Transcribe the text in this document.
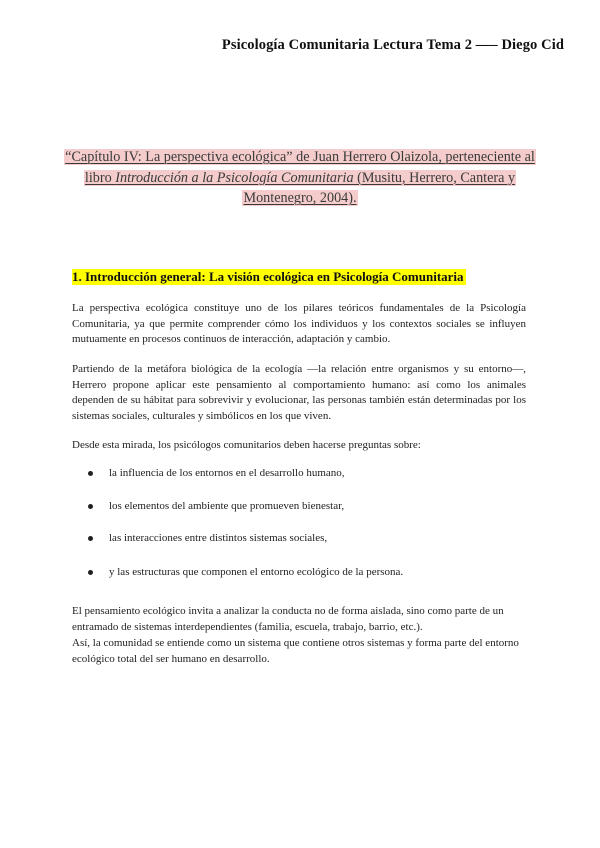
Psicología Comunitaria Lectura Tema 2 —– Diego Cid
“Capítulo IV: La perspectiva ecológica” de Juan Herrero Olaizola, perteneciente al libro Introducción a la Psicología Comunitaria (Musitu, Herrero, Cantera y Montenegro, 2004).
1. Introducción general: La visión ecológica en Psicología Comunitaria

La perspectiva ecológica constituye uno de los pilares teóricos fundamentales de la Psicología Comunitaria, ya que permite comprender cómo los individuos y los contextos sociales se influyen mutuamente en procesos continuos de interacción, adaptación y cambio.

Partiendo de la metáfora biológica de la ecología —la relación entre organismos y su entorno—, Herrero propone aplicar este pensamiento al comportamiento humano: así como los animales dependen de su hábitat para sobrevivir y evolucionar, las personas también están determinadas por los sistemas sociales, culturales y simbólicos en los que viven.

Desde esta mirada, los psicólogos comunitarios deben hacerse preguntas sobre:

la influencia de los entornos en el desarrollo humano,
los elementos del ambiente que promueven bienestar,
las interacciones entre distintos sistemas sociales,
y las estructuras que componen el entorno ecológico de la persona.

El pensamiento ecológico invita a analizar la conducta no de forma aislada, sino como parte de un entramado de sistemas interdependientes (familia, escuela, trabajo, barrio, etc.).

Así, la comunidad se entiende como un sistema que contiene otros sistemas y forma parte del entorno ecológico total del ser humano en desarrollo.
